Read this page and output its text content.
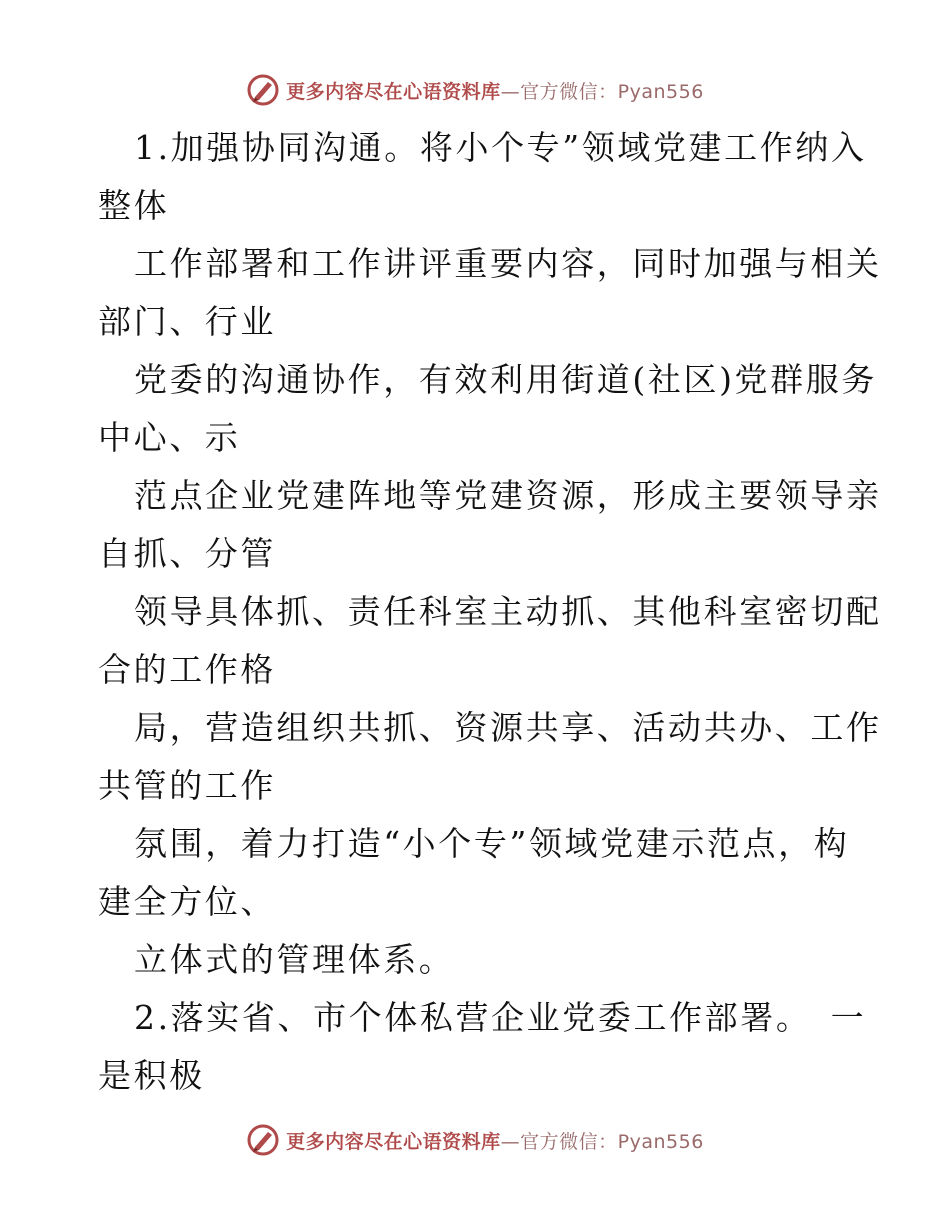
更多内容尽在心语资料库—官方微信：Pyan556
1.加强协同沟通。将小个专”领域党建工作纳入
整体
工作部署和工作讲评重要内容，同时加强与相关
部门、行业
党委的沟通协作，有效利用街道(社区)党群服务
中心、示
范点企业党建阵地等党建资源，形成主要领导亲
自抓、分管
领导具体抓、责任科室主动抓、其他科室密切配
合的工作格
局，营造组织共抓、资源共享、活动共办、工作
共管的工作
氛围，着力打造“小个专”领域党建示范点，构
建全方位、
立体式的管理体系。
2.落实省、市个体私营企业党委工作部署。　一
是积极
更多内容尽在心语资料库—官方微信：Pyan556
